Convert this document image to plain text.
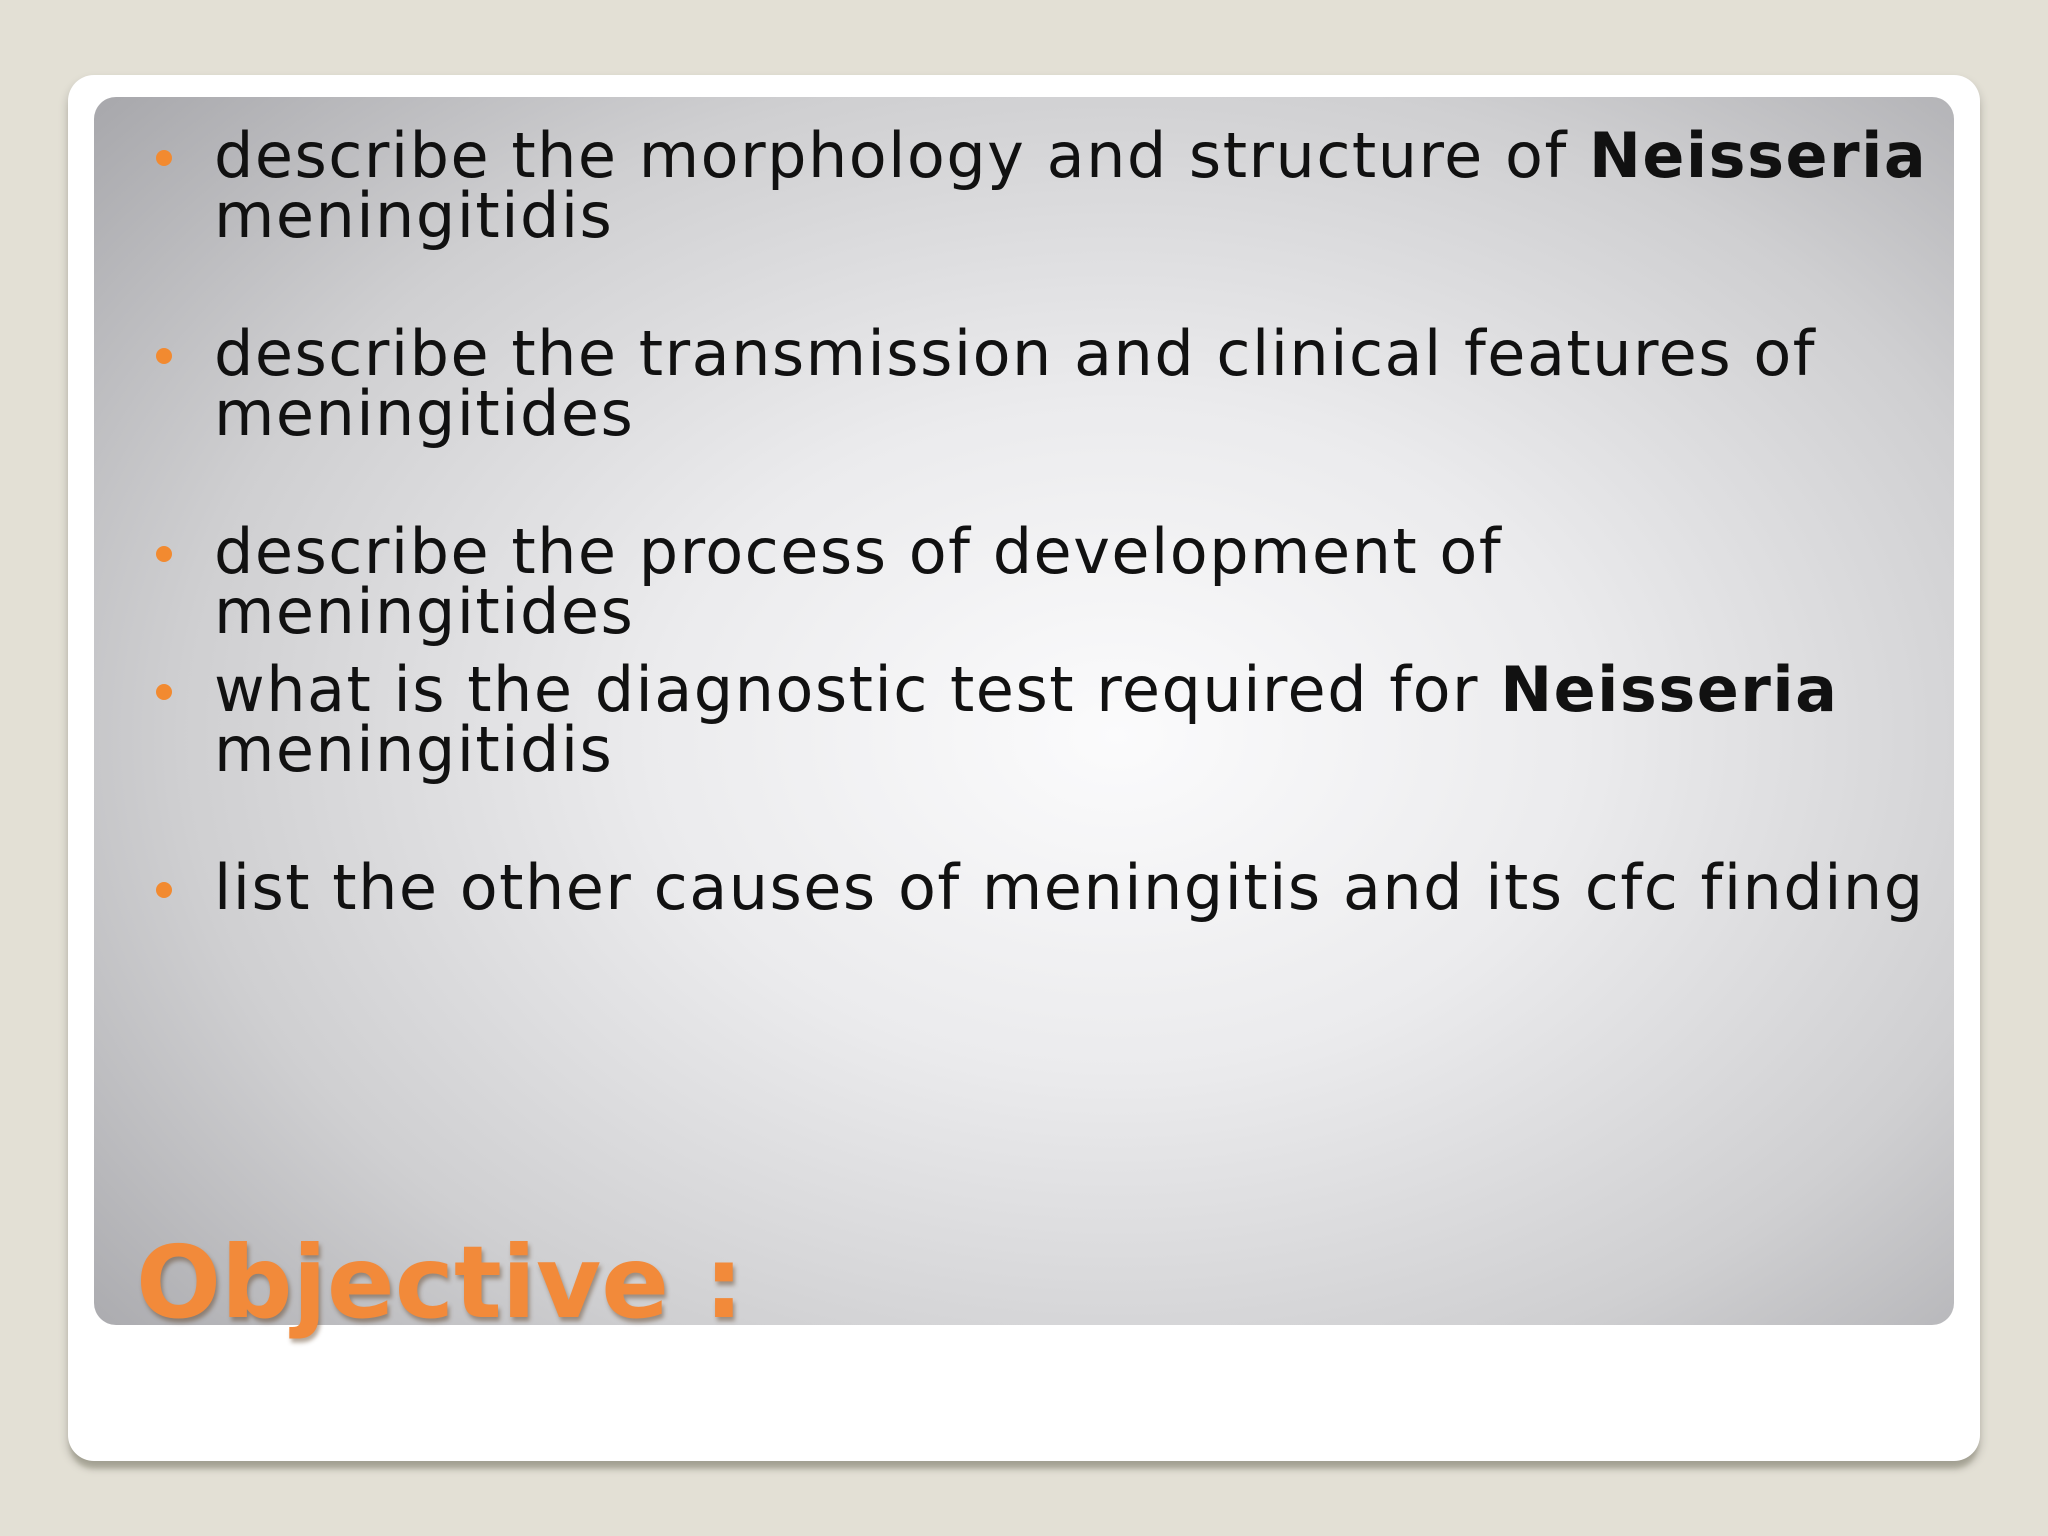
describe the morphology and structure of Neisseria meningitidis
describe the transmission and clinical features of meningitides
describe the process of development of meningitides
what is the diagnostic test required for Neisseria meningitidis
list the other causes of meningitis and its cfc finding
Objective :
